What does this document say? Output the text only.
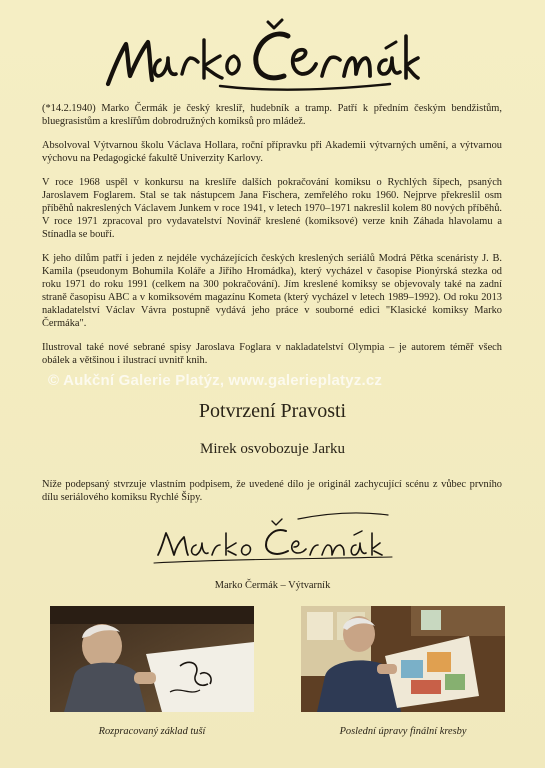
(*14.2.1940) Marko Čermák je český kreslíř, hudebník a tramp. Patří k předním českým bendžistům, bluegrasistům a kreslířům dobrodružných komiksů pro mládež.

Absolvoval Výtvarnou školu Václava Hollara, roční přípravku při Akademii výtvarných umění, a výtvarnou výchovu na Pedagogické fakultě Univerzity Karlovy.

V roce 1968 uspěl v konkursu na kreslíře dalších pokračování komiksu o Rychlých šípech, psaných Jaroslavem Foglarem. Stal se tak nástupcem Jana Fischera, zemřelého roku 1960. Nejprve překreslil osm příběhů nakreslených Václavem Junkem v roce 1941, v letech 1970–1971 nakreslil kolem 80 nových příběhů. V roce 1971 zpracoval pro vydavatelství Novinář kreslené (komiksové) verze knih Záhada hlavolamu a Stínadla se bouří.

K jeho dílům patří i jeden z nejdéle vycházejících českých kreslených seriálů Modrá Pětka scenáristy J. B. Kamila (pseudonym Bohumila Koláře a Jiřího Hromádka), který vycházel v časopise Pionýrská stezka od roku 1971 do roku 1991 (celkem na 300 pokračování). Jím kreslené komiksy se objevovaly také na zadní straně časopisu ABC a v komiksovém magazínu Kometa (který vycházel v letech 1989–1992). Od roku 2013 nakladatelství Václav Vávra postupně vydává jeho práce v souborné edici "Klasické komiksy Marko Čermáka".

Ilustroval také nové sebrané spisy Jaroslava Foglara v nakladatelství Olympia – je autorem téměř všech obálek a většinou i ilustrací uvnitř knih.

© Aukční Galerie Platýz, www.galerieplatyz.cz
Potvrzení Pravosti
Mirek osvobozuje Jarku
Níže podepsaný stvrzuje vlastním podpisem, že uvedené dílo je originál zachycující scénu z vůbec prvního dílu seriálového komiksu Rychlé Šípy.
Marko Čermák – Výtvarník
Rozpracovaný základ tuší	Poslední úpravy finální kresby
